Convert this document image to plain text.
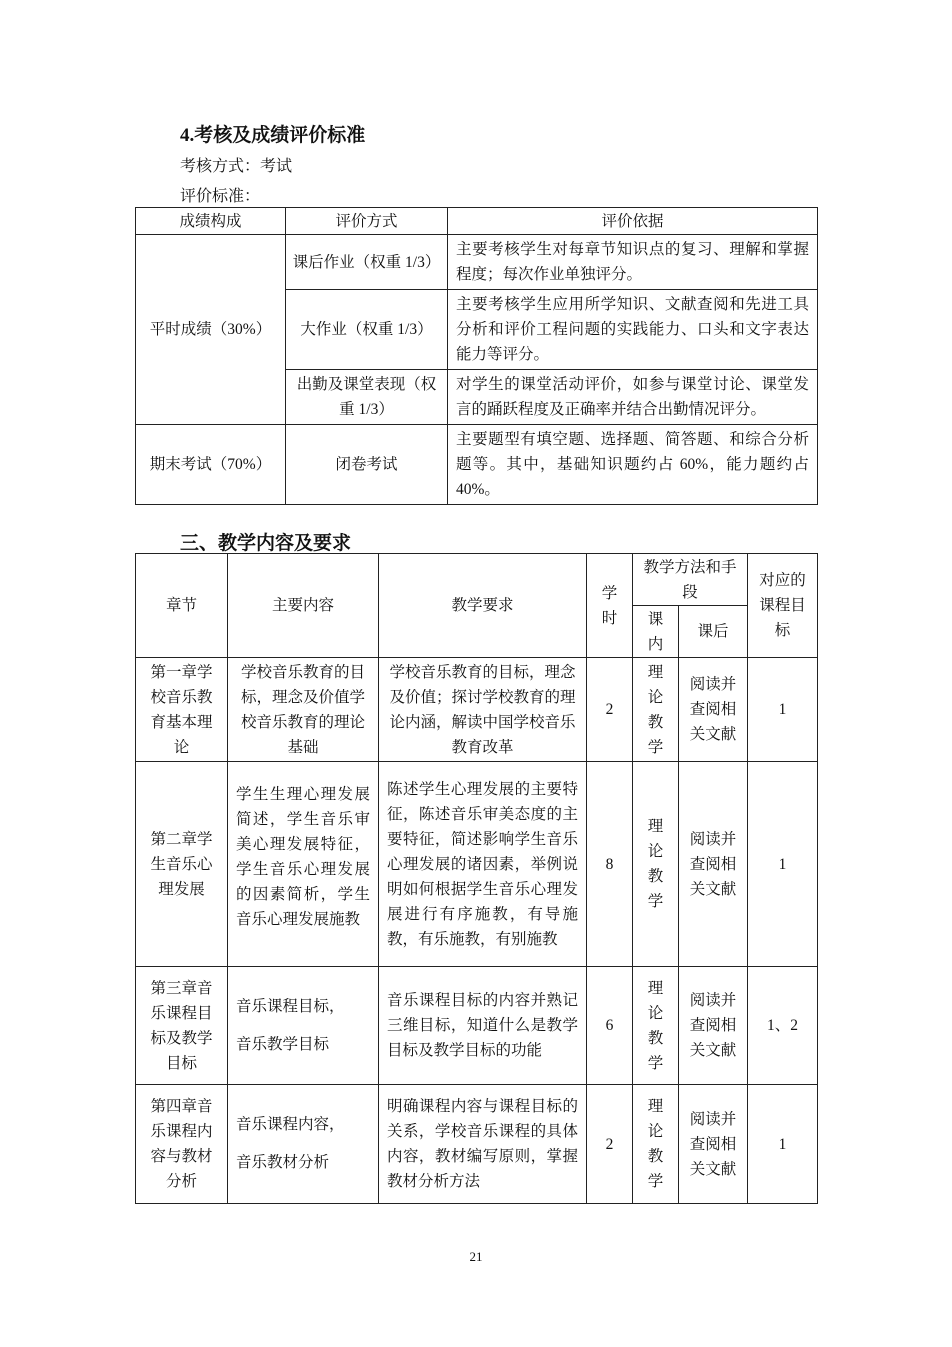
4.考核及成绩评价标准
考核方式：考试
评价标准：
成绩构成	评价方式	评价依据
平时成绩（30%）	课后作业（权重 1/3）	主要考核学生对每章节知识点的复习、理解和掌握程度；每次作业单独评分。
	大作业（权重 1/3）	主要考核学生应用所学知识、文献查阅和先进工具分析和评价工程问题的实践能力、口头和文字表达能力等评分。
	出勤及课堂表现（权重 1/3）	对学生的课堂活动评价，如参与课堂讨论、课堂发言的踊跃程度及正确率并结合出勤情况评分。
期末考试（70%）	闭卷考试	主要题型有填空题、选择题、简答题、和综合分析题等。其中，基础知识题约占 60%，能力题约占 40%。
三、教学内容及要求
章节	主要内容	教学要求	学时	教学方法和手段		对应的课程目标
				课内	课后	
第一章学校音乐教育基本理论	学校音乐教育的目标，理念及价值学校音乐教育的理论基础	学校音乐教育的目标，理念及价值；探讨学校教育的理论内涵，解读中国学校音乐教育改革	2	理论教学	阅读并查阅相关文献	1
第二章学生音乐心理发展	学生生理心理发展简述，学生音乐审美心理发展特征，学生音乐心理发展的因素简析，学生音乐心理发展施教	陈述学生心理发展的主要特征，陈述音乐审美态度的主要特征，简述影响学生音乐心理发展的诸因素，举例说明如何根据学生音乐心理发展进行有序施教，有导施教，有乐施教，有别施教	8	理论教学	阅读并查阅相关文献	1
第三章音乐课程目标及教学目标	音乐课程目标，
音乐教学目标	音乐课程目标的内容并熟记三维目标，知道什么是教学目标及教学目标的功能	6	理论教学	阅读并查阅相关文献	1、2
第四章音乐课程内容与教材分析	音乐课程内容，
音乐教材分析	明确课程内容与课程目标的关系，学校音乐课程的具体内容，教材编写原则，掌握教材分析方法	2	理论教学	阅读并查阅相关文献	1
21
